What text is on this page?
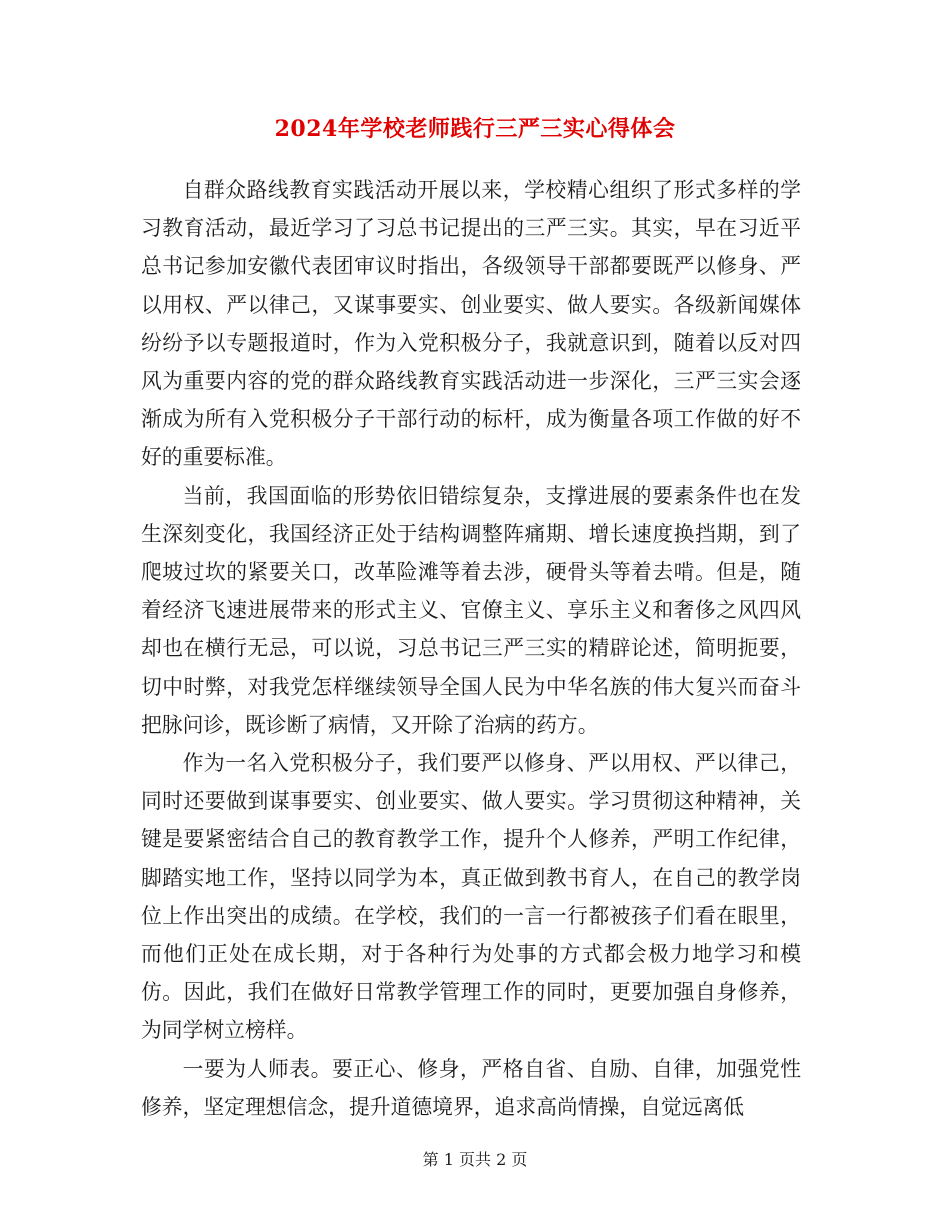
2024年学校老师践行三严三实心得体会

自群众路线教育实践活动开展以来，学校精心组织了形式多样的学习教育活动，最近学习了习总书记提出的三严三实。其实，早在习近平总书记参加安徽代表团审议时指出，各级领导干部都要既严以修身、严以用权、严以律己，又谋事要实、创业要实、做人要实。各级新闻媒体纷纷予以专题报道时，作为入党积极分子，我就意识到，随着以反对四风为重要内容的党的群众路线教育实践活动进一步深化，三严三实会逐渐成为所有入党积极分子干部行动的标杆，成为衡量各项工作做的好不好的重要标准。

当前，我国面临的形势依旧错综复杂，支撑进展的要素条件也在发生深刻变化，我国经济正处于结构调整阵痛期、增长速度换挡期，到了爬坡过坎的紧要关口，改革险滩等着去涉，硬骨头等着去啃。但是，随着经济飞速进展带来的形式主义、官僚主义、享乐主义和奢侈之风四风却也在横行无忌，可以说，习总书记三严三实的精辟论述，简明扼要，切中时弊，对我党怎样继续领导全国人民为中华名族的伟大复兴而奋斗把脉问诊，既诊断了病情，又开除了治病的药方。

作为一名入党积极分子，我们要严以修身、严以用权、严以律己，同时还要做到谋事要实、创业要实、做人要实。学习贯彻这种精神，关键是要紧密结合自己的教育教学工作，提升个人修养，严明工作纪律，脚踏实地工作，坚持以同学为本，真正做到教书育人，在自己的教学岗位上作出突出的成绩。在学校，我们的一言一行都被孩子们看在眼里，而他们正处在成长期，对于各种行为处事的方式都会极力地学习和模仿。因此，我们在做好日常教学管理工作的同时，更要加强自身修养，为同学树立榜样。

一要为人师表。要正心、修身，严格自省、自励、自律，加强党性修养，坚定理想信念，提升道德境界，追求高尚情操，自觉远离低

第 1 页共 2 页
